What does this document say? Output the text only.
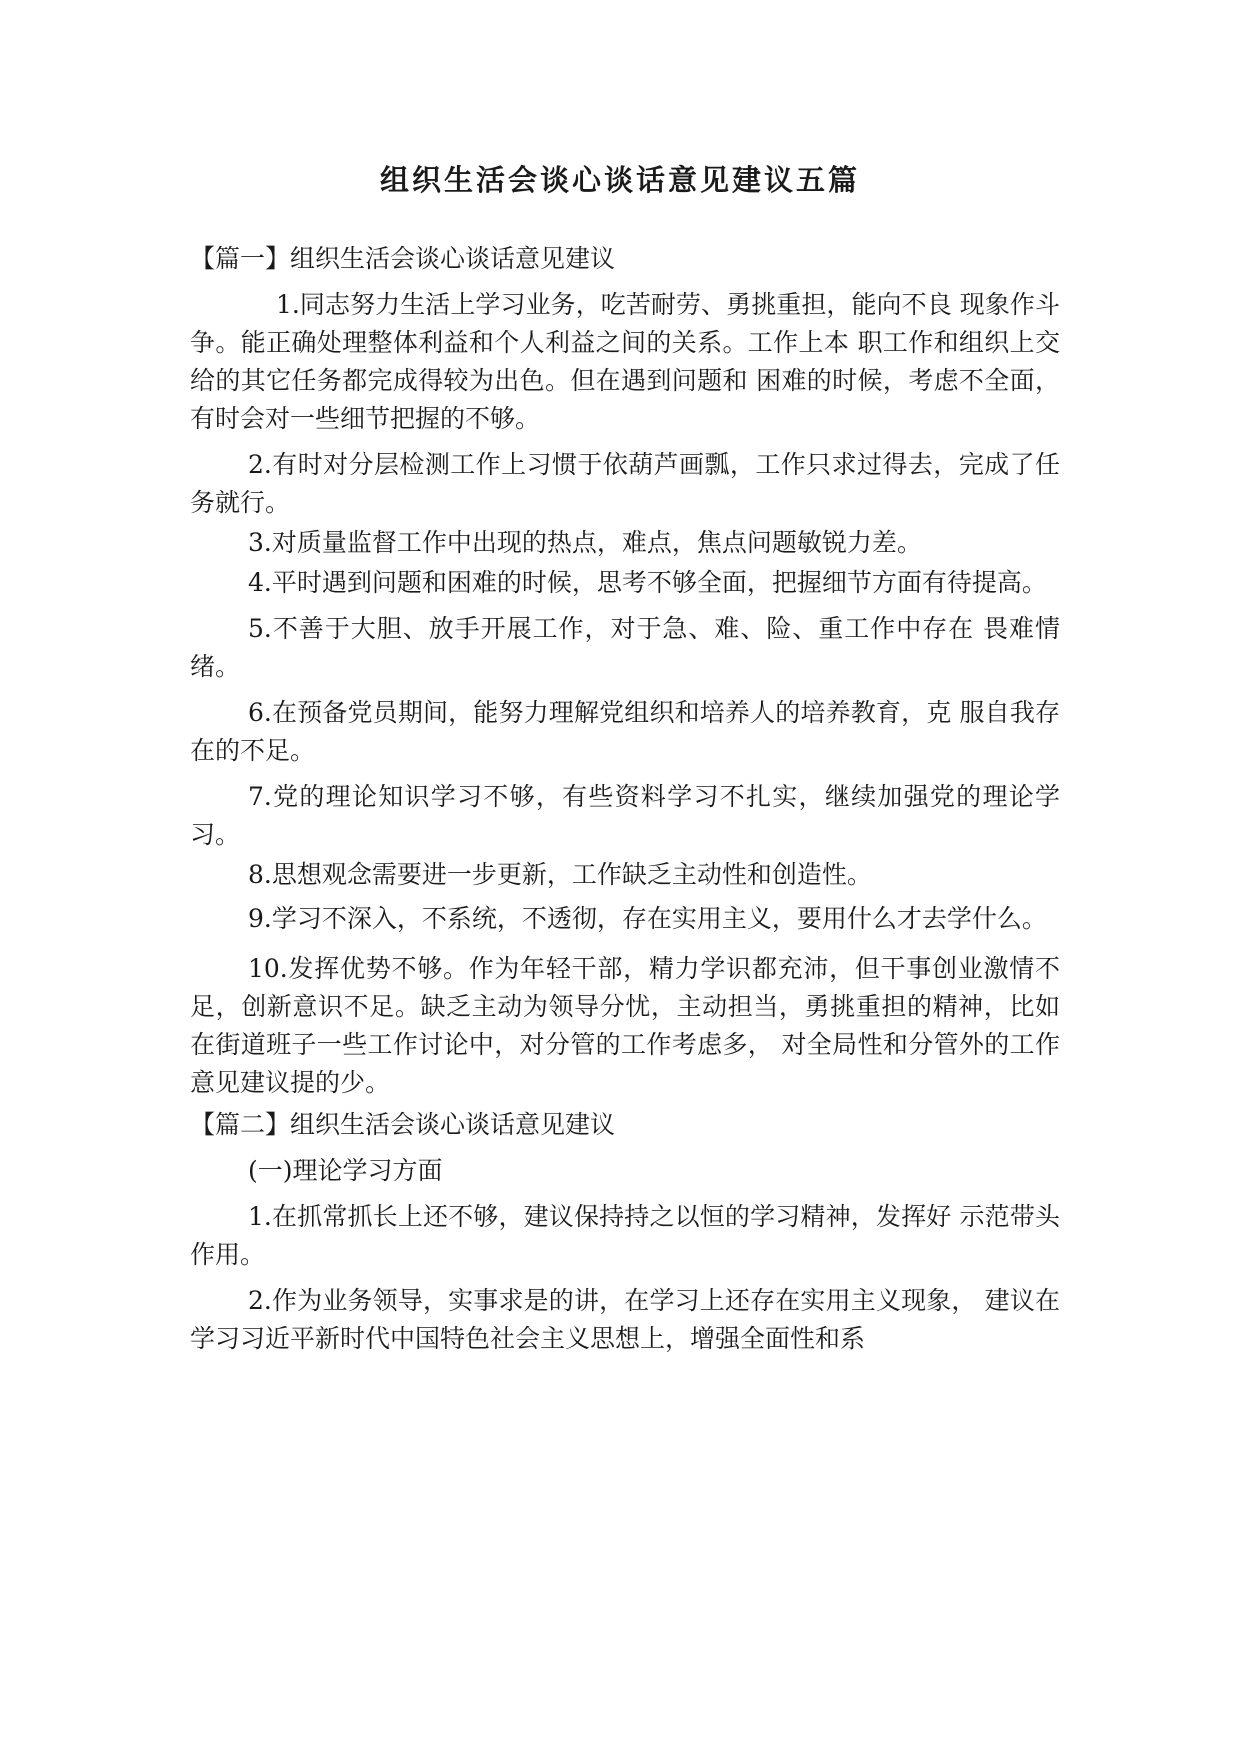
组织生活会谈心谈话意见建议五篇

【篇一】组织生活会谈心谈话意见建议

1.同志努力生活上学习业务，吃苦耐劳、勇挑重担，能向不良 现象作斗争。能正确处理整体利益和个人利益之间的关系。工作上本 职工作和组织上交给的其它任务都完成得较为出色。但在遇到问题和 困难的时候，考虑不全面，有时会对一些细节把握的不够。

2.有时对分层检测工作上习惯于依葫芦画瓢，工作只求过得去，完成了任务就行。

3.对质量监督工作中出现的热点，难点，焦点问题敏锐力差。

4.平时遇到问题和困难的时候，思考不够全面，把握细节方面有待提高。

5.不善于大胆、放手开展工作，对于急、难、险、重工作中存在 畏难情绪。

6.在预备党员期间，能努力理解党组织和培养人的培养教育，克 服自我存在的不足。

7.党的理论知识学习不够，有些资料学习不扎实，继续加强党的理论学习。

8.思想观念需要进一步更新，工作缺乏主动性和创造性。

9.学习不深入，不系统，不透彻，存在实用主义，要用什么才去学什么。

10.发挥优势不够。作为年轻干部，精力学识都充沛，但干事创业激情不足，创新意识不足。缺乏主动为领导分忧，主动担当，勇挑重担的精神，比如在街道班子一些工作讨论中，对分管的工作考虑多， 对全局性和分管外的工作意见建议提的少。

【篇二】组织生活会谈心谈话意见建议

(一)理论学习方面

1.在抓常抓长上还不够，建议保持持之以恒的学习精神，发挥好 示范带头作用。

2.作为业务领导，实事求是的讲，在学习上还存在实用主义现象， 建议在学习习近平新时代中国特色社会主义思想上，增强全面性和系
